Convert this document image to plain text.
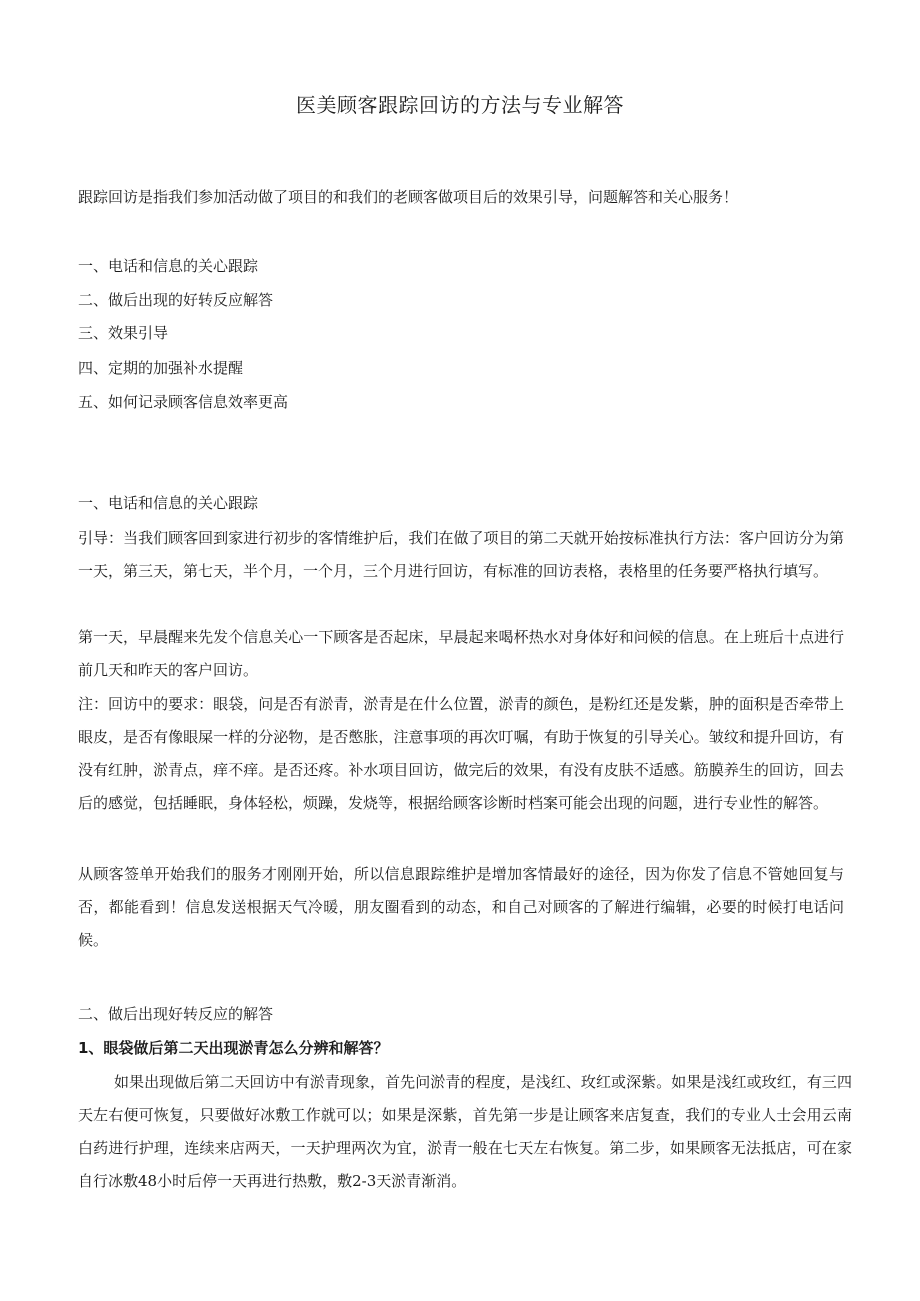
医美顾客跟踪回访的方法与专业解答

跟踪回访是指我们参加活动做了项目的和我们的老顾客做项目后的效果引导，问题解答和关心服务！

一、电话和信息的关心跟踪

二、做后出现的好转反应解答

三、效果引导

四、定期的加强补水提醒

五、如何记录顾客信息效率更高

一、电话和信息的关心跟踪

引导：当我们顾客回到家进行初步的客情维护后，我们在做了项目的第二天就开始按标准执行方法：客户回访分为第一天，第三天，第七天，半个月，一个月，三个月进行回访，有标准的回访表格，表格里的任务要严格执行填写。

第一天，早晨醒来先发个信息关心一下顾客是否起床，早晨起来喝杯热水对身体好和问候的信息。在上班后十点进行前几天和昨天的客户回访。

注：回访中的要求：眼袋，问是否有淤青，淤青是在什么位置，淤青的颜色，是粉红还是发紫，肿的面积是否牵带上眼皮，是否有像眼屎一样的分泌物，是否憋胀，注意事项的再次叮嘱，有助于恢复的引导关心。皱纹和提升回访，有没有红肿，淤青点，痒不痒。是否还疼。补水项目回访，做完后的效果，有没有皮肤不适感。筋膜养生的回访，回去后的感觉，包括睡眠，身体轻松，烦躁，发烧等，根据给顾客诊断时档案可能会出现的问题，进行专业性的解答。

从顾客签单开始我们的服务才刚刚开始，所以信息跟踪维护是增加客情最好的途径，因为你发了信息不管她回复与否，都能看到！信息发送根据天气冷暖，朋友圈看到的动态，和自己对顾客的了解进行编辑，必要的时候打电话问候。

二、做后出现好转反应的解答

1、眼袋做后第二天出现淤青怎么分辨和解答？

如果出现做后第二天回访中有淤青现象，首先问淤青的程度，是浅红、玫红或深紫。如果是浅红或玫红，有三四天左右便可恢复，只要做好冰敷工作就可以；如果是深紫，首先第一步是让顾客来店复查，我们的专业人士会用云南白药进行护理，连续来店两天，一天护理两次为宜，淤青一般在七天左右恢复。第二步，如果顾客无法抵店，可在家自行冰敷48小时后停一天再进行热敷，敷2-3天淤青渐消。
